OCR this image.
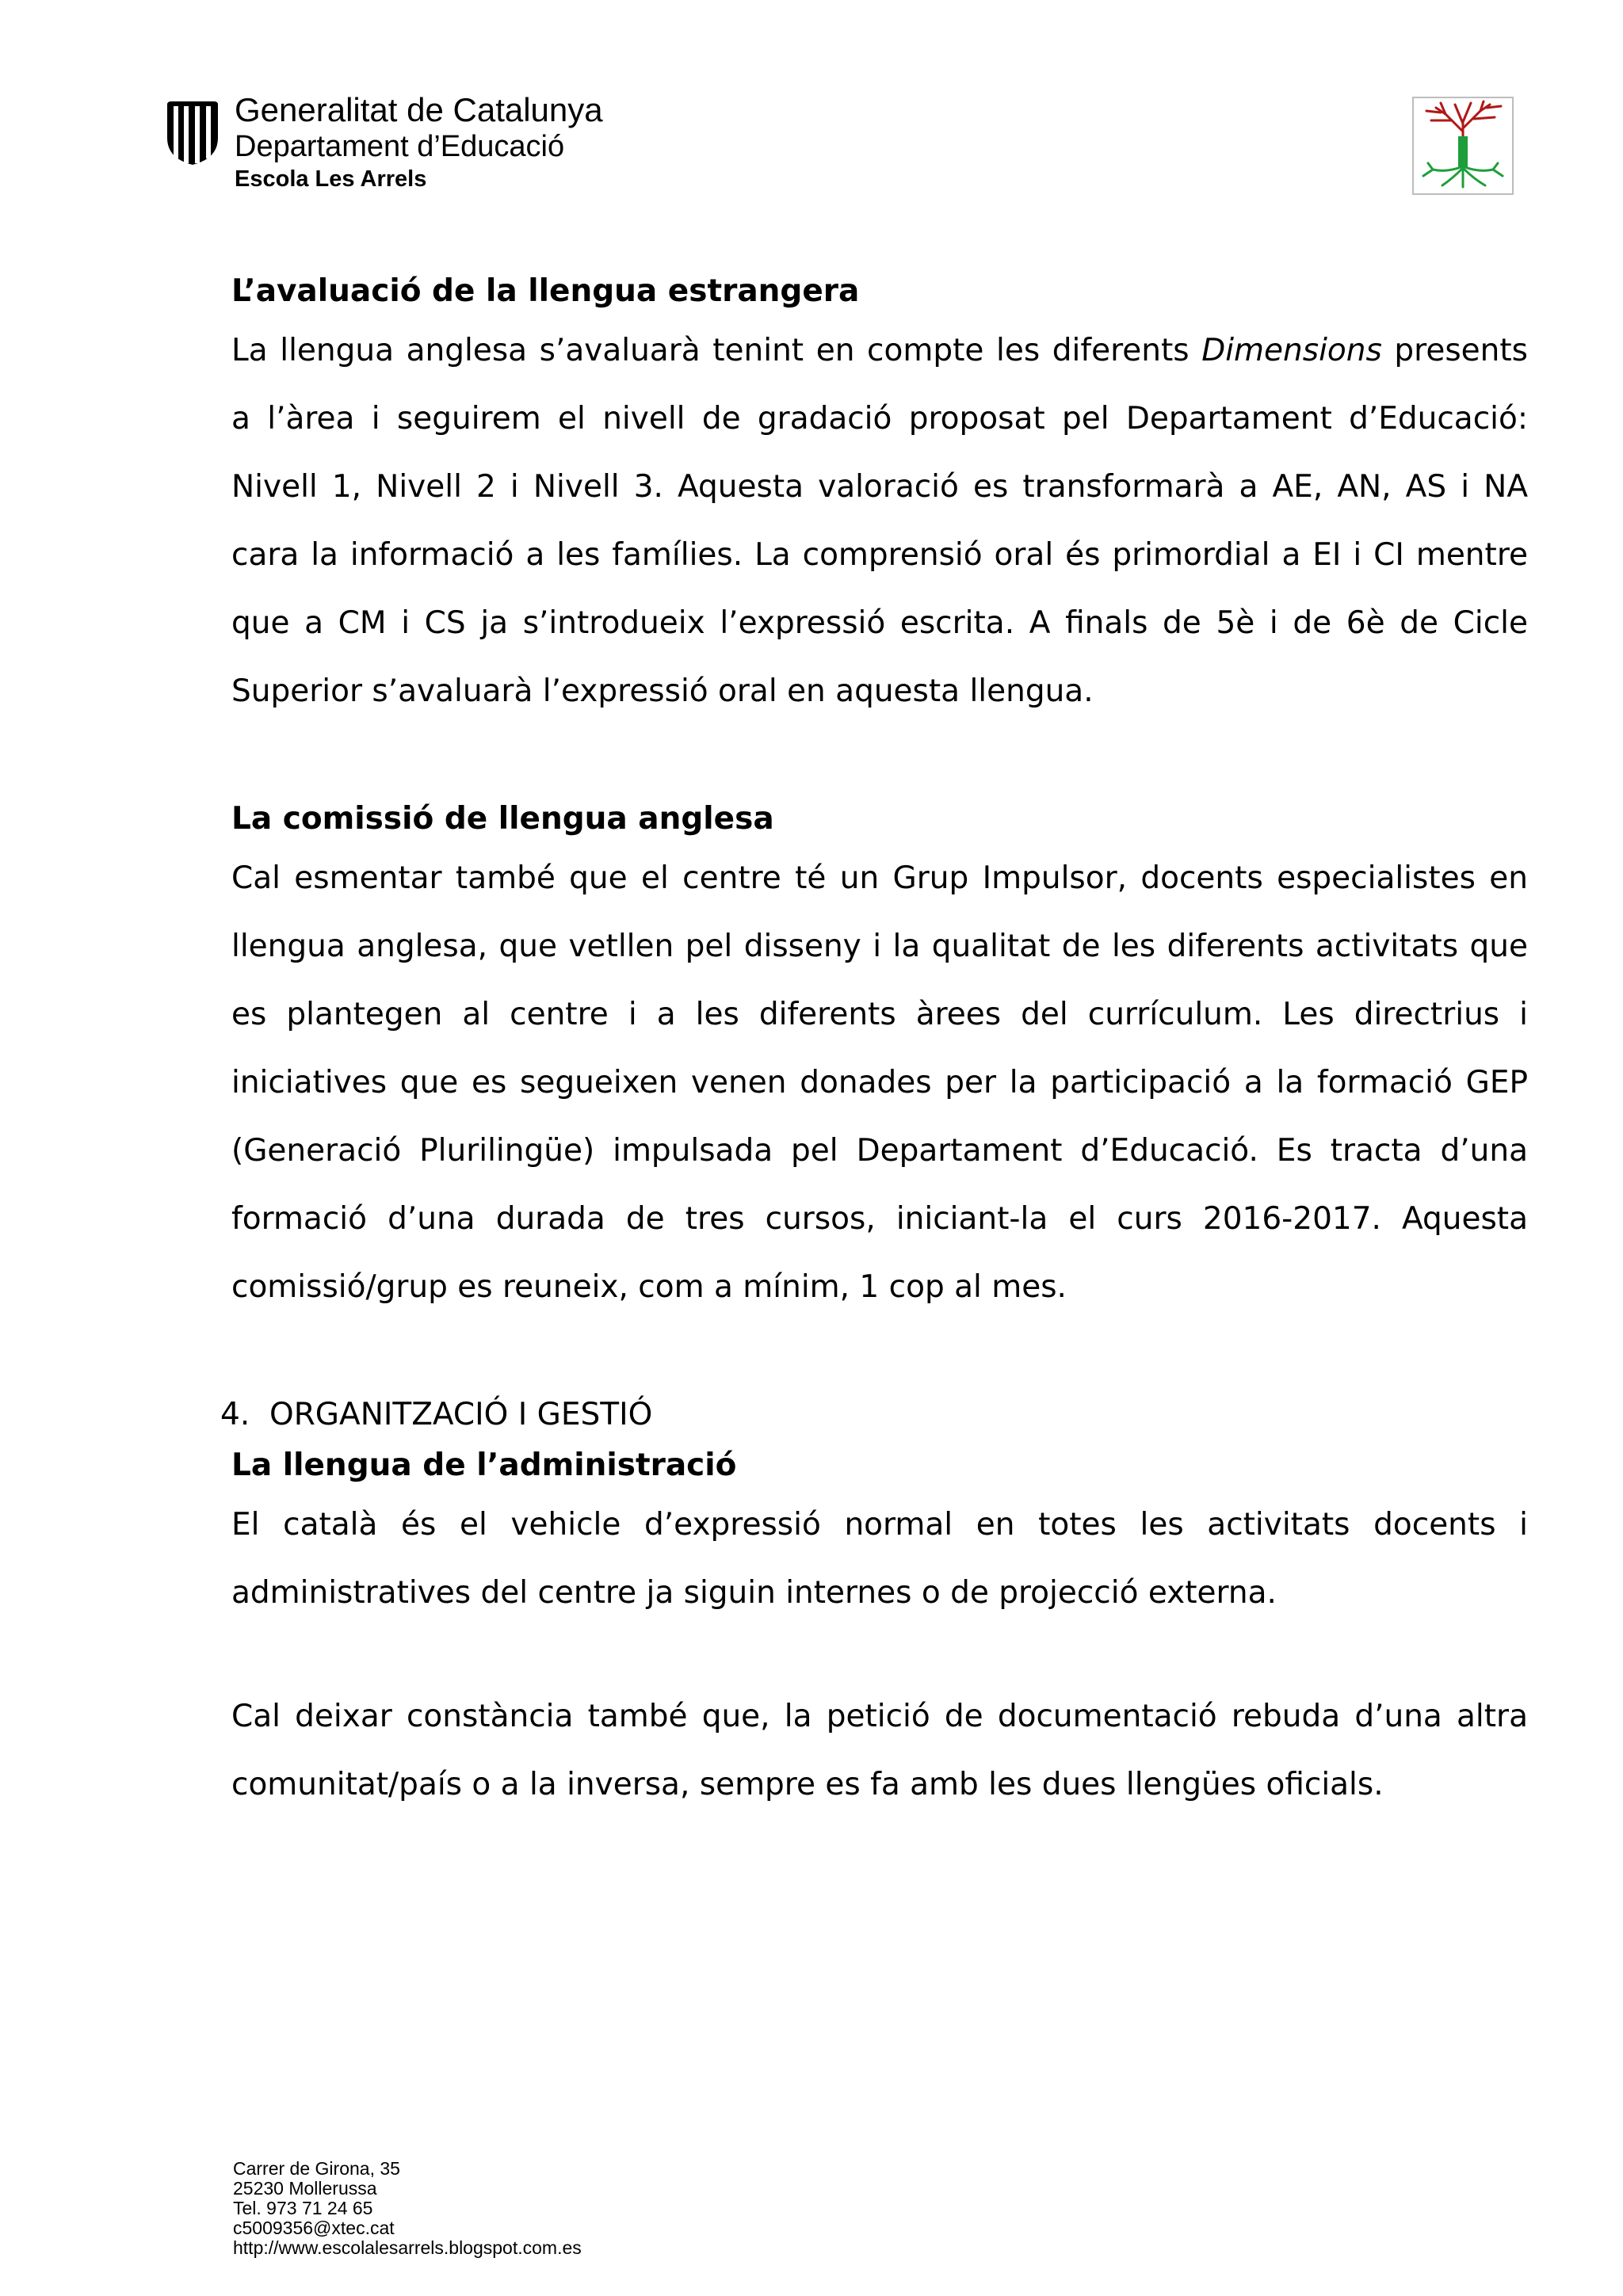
Generalitat de Catalunya
Departament d’Educació
Escola Les Arrels

L’avaluació de la llengua estrangera

La llengua anglesa s’avaluarà tenint en compte les diferents Dimensions presents a l’àrea i seguirem el nivell de gradació proposat pel Departament d’Educació: Nivell 1, Nivell 2 i Nivell 3. Aquesta valoració es transformarà a AE, AN, AS i NA cara la informació a les famílies. La comprensió oral és primordial a EI i CI mentre que a CM i CS ja s’introdueix l’expressió escrita. A finals de 5è i de 6è de Cicle Superior s’avaluarà l’expressió oral en aquesta llengua.

La comissió de llengua anglesa

Cal esmentar també que el centre té un Grup Impulsor, docents especialistes en llengua anglesa, que vetllen pel disseny i la qualitat de les diferents activitats que es plantegen al centre i a les diferents àrees del currículum. Les directrius i iniciatives que es segueixen venen donades per la participació a la formació GEP (Generació Plurilingüe) impulsada pel Departament d’Educació. Es tracta d’una formació d’una durada de tres cursos, iniciant-la el curs 2016-2017. Aquesta comissió/grup es reuneix, com a mínim, 1 cop al mes.

4. ORGANITZACIÓ I GESTIÓ

La llengua de l’administració

El català és el vehicle d’expressió normal en totes les activitats docents i administratives del centre ja siguin internes o de projecció externa.

Cal deixar constància també que, la petició de documentació rebuda d’una altra comunitat/país o a la inversa, sempre es fa amb les dues llengües oficials.

Carrer de Girona, 35
25230 Mollerussa
Tel. 973 71 24 65
c5009356@xtec.cat
http://www.escolalesarrels.blogspot.com.es
